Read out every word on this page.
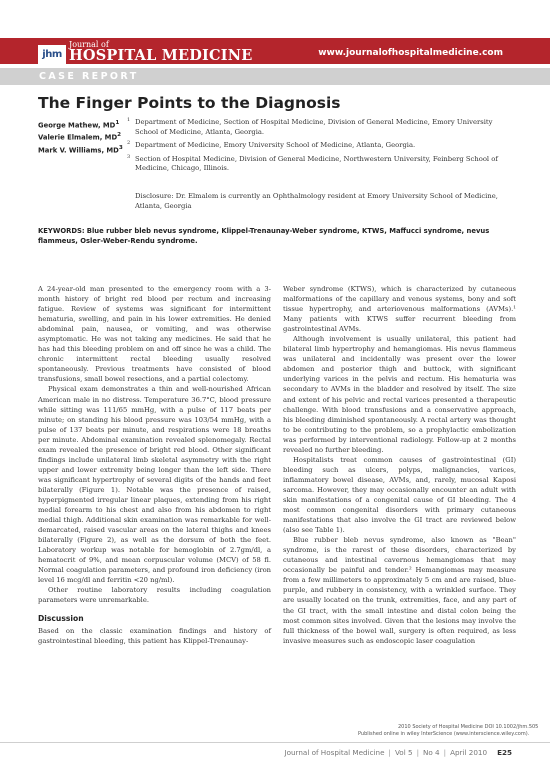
jhm
Journal of
HOSPITAL MEDICINE	www.journalofhospitalmedicine.com
CASE REPORT
The Finger Points to the Diagnosis
George Mathew, $MD^1$
Valerie Elmalem, $MD^2$
Mark V. Williams, $MD^3$

1 Department of Medicine, Section of Hospital Medicine, Division of General Medicine, Emory University School of Medicine, Atlanta, Georgia.

2 Department of Medicine, Emory University School of Medicine, Atlanta, Georgia.

3 Section of Hospital Medicine, Division of General Medicine, Northwestern University, Feinberg School of Medicine, Chicago, Illinois.

Disclosure: Dr. Elmalem is currently an Ophthalmology resident at Emory University School of Medicine, Atlanta, Georgia
KEYWORDS: Blue rubber bleb nevus syndrome, Klippel-Trenaunay-Weber syndrome, KTWS, Maffucci syndrome, nevus flammeus, Osler-Weber-Rendu syndrome.

A 24-year-old man presented to the emergency room with a 3-month history of bright red blood per rectum and increasing fatigue. Review of systems was significant for intermittent hematuria, swelling, and pain in his lower extremities. He denied abdominal pain, nausea, or vomiting, and was otherwise asymptomatic. He was not taking any medicines. He said that he has had this bleeding problem on and off since he was a child. The chronic intermittent rectal bleeding usually resolved spontaneously. Previous treatments have consisted of blood transfusions, small bowel resections, and a partial colectomy.

Physical exam demonstrates a thin and well-nourished African American male in no distress. Temperature 36.7°C, blood pressure while sitting was 111/65 mmHg, with a pulse of 117 beats per minute; on standing his blood pressure was 103/54 mmHg, with a pulse of 137 beats per minute, and respirations were 18 breaths per minute. Abdominal examination revealed splenomegaly. Rectal exam revealed the presence of bright red blood. Other significant findings include unilateral limb skeletal asymmetry with the right upper and lower extremity being longer than the left side. There was significant hypertrophy of several digits of the hands and feet bilaterally (Figure 1). Notable was the presence of raised, hyperpigmented irregular linear plaques, extending from his right medial forearm to his chest and also from his abdomen to right medial thigh. Additional skin examination was remarkable for well-demarcated, raised vascular areas on the lateral thighs and knees bilaterally (Figure 2), as well as the dorsum of both the feet. Laboratory workup was notable for hemoglobin of 2.7gm/dl, a hematocrit of 9%, and mean corpuscular volume (MCV) of 58 fl. Normal coagulation parameters, and profound iron deficiency (iron level 16 mcg/dl and ferritin <20 ng/ml).

Other routine laboratory results including coagulation parameters were unremarkable.

Discussion

Based on the classic examination findings and history of gastrointestinal bleeding, this patient has Klippel-Trenaunay-

Weber syndrome (KTWS), which is characterized by cutaneous malformations of the capillary and venous systems, bony and soft tissue hypertrophy, and arteriovenous malformations (AVMs).¹ Many patients with KTWS suffer recurrent bleeding from gastrointestinal AVMs.

Although involvement is usually unilateral, this patient had bilateral limb hypertrophy and hemangiomas. His nevus flammeus was unilateral and incidentally was present over the lower abdomen and posterior thigh and buttock, with significant underlying varices in the pelvis and rectum. His hematuria was secondary to AVMs in the bladder and resolved by itself. The size and extent of his pelvic and rectal varices presented a therapeutic challenge. With blood transfusions and a conservative approach, his bleeding diminished spontaneously. A rectal artery was thought to be contributing to the problem, so a prophylactic embolization was performed by interventional radiology. Follow-up at 2 months revealed no further bleeding.

Hospitalists treat common causes of gastrointestinal (GI) bleeding such as ulcers, polyps, malignancies, varices, inflammatory bowel disease, AVMs, and, rarely, mucosal Kaposi sarcoma. However, they may occasionally encounter an adult with skin manifestations of a congenital cause of GI bleeding. The 4 most common congenital disorders with primary cutaneous manifestations that also involve the GI tract are reviewed below (also see Table 1).

Blue rubber bleb nevus syndrome, also known as "Bean" syndrome, is the rarest of these disorders, characterized by cutaneous and intestinal cavernous hemangiomas that may occasionally be painful and tender.² Hemangiomas may measure from a few millimeters to approximately 5 cm and are raised, blue-purple, and rubbery in consistency, with a wrinkled surface. They are usually located on the trunk, extremities, face, and any part of the GI tract, with the small intestine and distal colon being the most common sites involved. Given that the lesions may involve the full thickness of the bowel wall, surgery is often required, as less invasive measures such as endoscopic laser coagulation

2010 Society of Hospital Medicine DOI 10.1002/jhm.505
Published online in wiley InterScience (www.interscience.wiley.com).
Journal of Hospital Medicine | Vol 5 | No 4 | April 2010 E25
